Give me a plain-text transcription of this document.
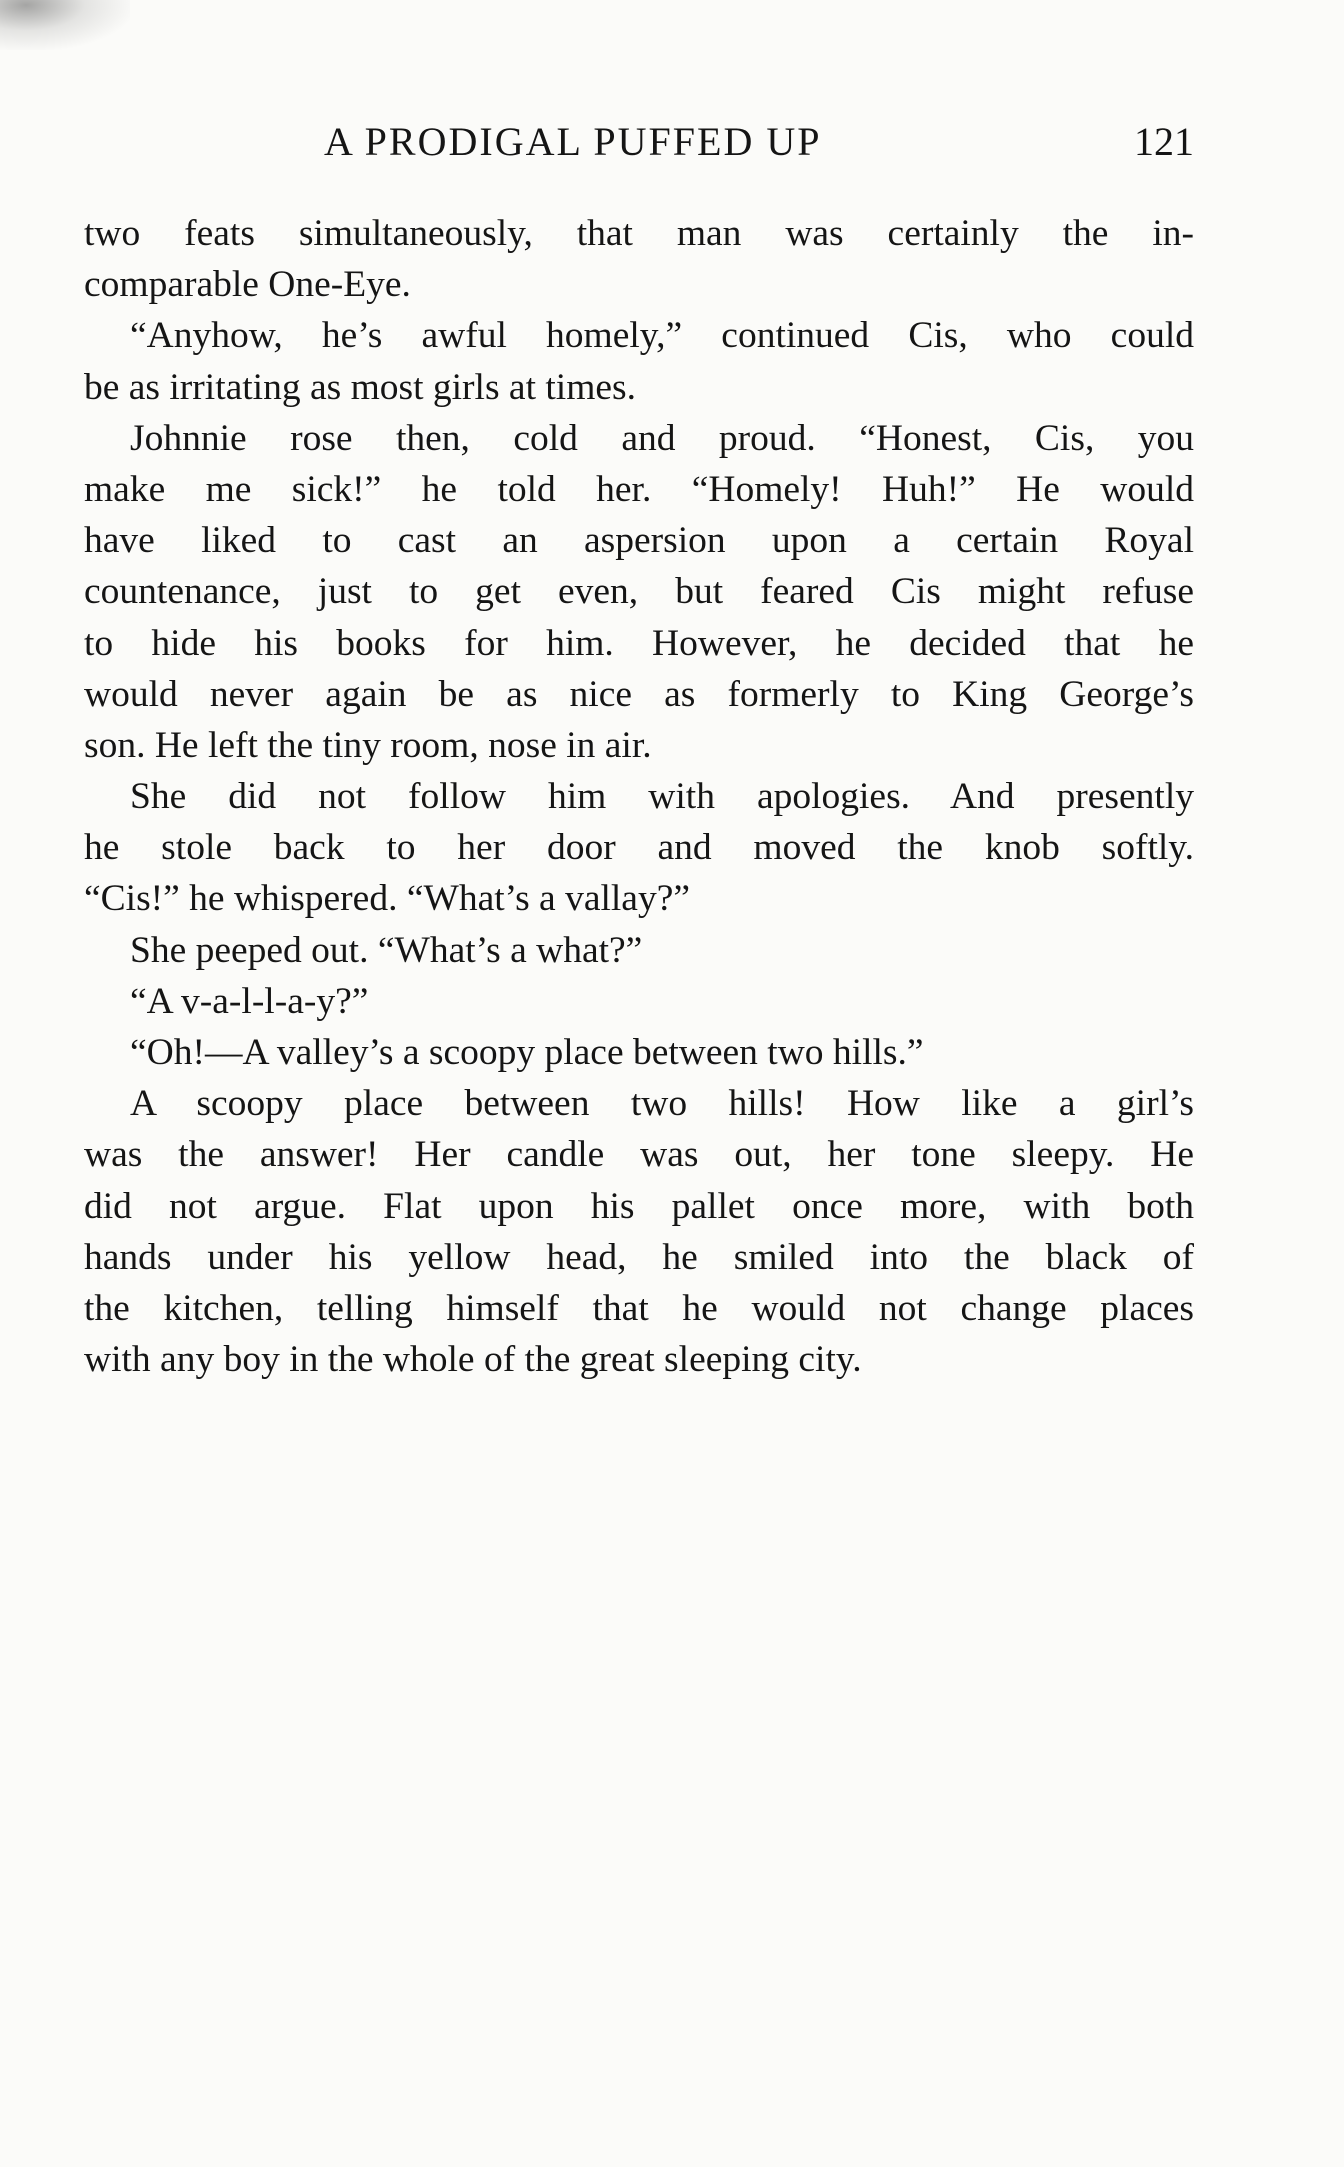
A PRODIGAL PUFFED UP	121
two feats simultaneously, that man was certainly the in-
comparable One-Eye.
“Anyhow, he’s awful homely,” continued Cis, who could
be as irritating as most girls at times.
Johnnie rose then, cold and proud. “Honest, Cis, you
make me sick!” he told her. “Homely! Huh!” He would
have liked to cast an aspersion upon a certain Royal
countenance, just to get even, but feared Cis might refuse
to hide his books for him. However, he decided that he
would never again be as nice as formerly to King George’s
son. He left the tiny room, nose in air.
She did not follow him with apologies. And presently
he stole back to her door and moved the knob softly.
“Cis!” he whispered. “What’s a vallay?”
She peeped out. “What’s a what?”
“A v-a-l-l-a-y?”
“Oh!—A valley’s a scoopy place between two hills.”
A scoopy place between two hills! How like a girl’s
was the answer! Her candle was out, her tone sleepy. He
did not argue. Flat upon his pallet once more, with both
hands under his yellow head, he smiled into the black of
the kitchen, telling himself that he would not change places
with any boy in the whole of the great sleeping city.
